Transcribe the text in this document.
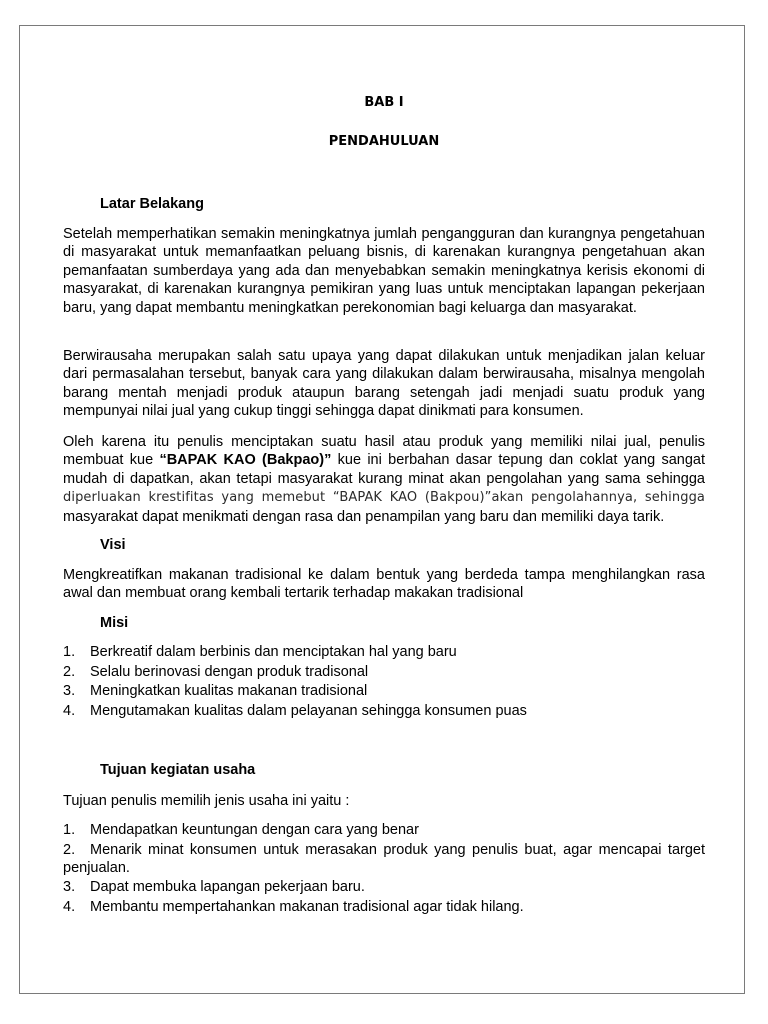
BAB I
PENDAHULUAN
Latar Belakang
Setelah memperhatikan semakin meningkatnya jumlah pengangguran dan kurangnya pengetahuan di masyarakat untuk memanfaatkan peluang bisnis, di karenakan kurangnya pengetahuan akan pemanfaatan sumberdaya yang ada dan menyebabkan semakin meningkatnya kerisis ekonomi di masyarakat, di karenakan kurangnya pemikiran yang luas untuk menciptakan lapangan pekerjaan baru, yang dapat membantu meningkatkan perekonomian bagi keluarga dan masyarakat.
Berwirausaha merupakan salah satu upaya yang dapat dilakukan untuk menjadikan jalan keluar dari permasalahan tersebut, banyak cara yang dilakukan dalam berwirausaha, misalnya mengolah barang mentah menjadi produk ataupun barang setengah jadi menjadi suatu produk yang mempunyai nilai jual yang cukup tinggi sehingga dapat dinikmati para konsumen.
Oleh karena itu penulis menciptakan suatu hasil atau produk yang memiliki nilai jual, penulis membuat kue “BAPAK KAO (Bakpao)” kue ini berbahan dasar tepung dan coklat yang sangat mudah di dapatkan, akan tetapi masyarakat kurang minat akan pengolahan yang sama sehingga diperluakan krestifitas yang memebut “BAPAK KAO (Bakpou)”akan pengolahannya, sehingga masyarakat dapat menikmati dengan rasa dan penampilan yang baru dan memiliki daya tarik.
Visi
Mengkreatifkan makanan tradisional ke dalam bentuk yang berdeda tampa menghilangkan rasa awal dan membuat orang kembali tertarik terhadap makakan tradisional
Misi
1. Berkreatif dalam berbinis dan menciptakan hal yang baru
2. Selalu berinovasi dengan produk tradisonal
3. Meningkatkan kualitas makanan tradisional
4. Mengutamakan kualitas dalam pelayanan sehingga konsumen puas
Tujuan kegiatan usaha
Tujuan penulis memilih jenis usaha ini yaitu :
1. Mendapatkan keuntungan dengan cara yang benar
2. Menarik minat konsumen untuk merasakan produk yang penulis buat, agar mencapai target penjualan.
3. Dapat membuka lapangan pekerjaan baru.
4. Membantu mempertahankan makanan tradisional agar tidak hilang.
